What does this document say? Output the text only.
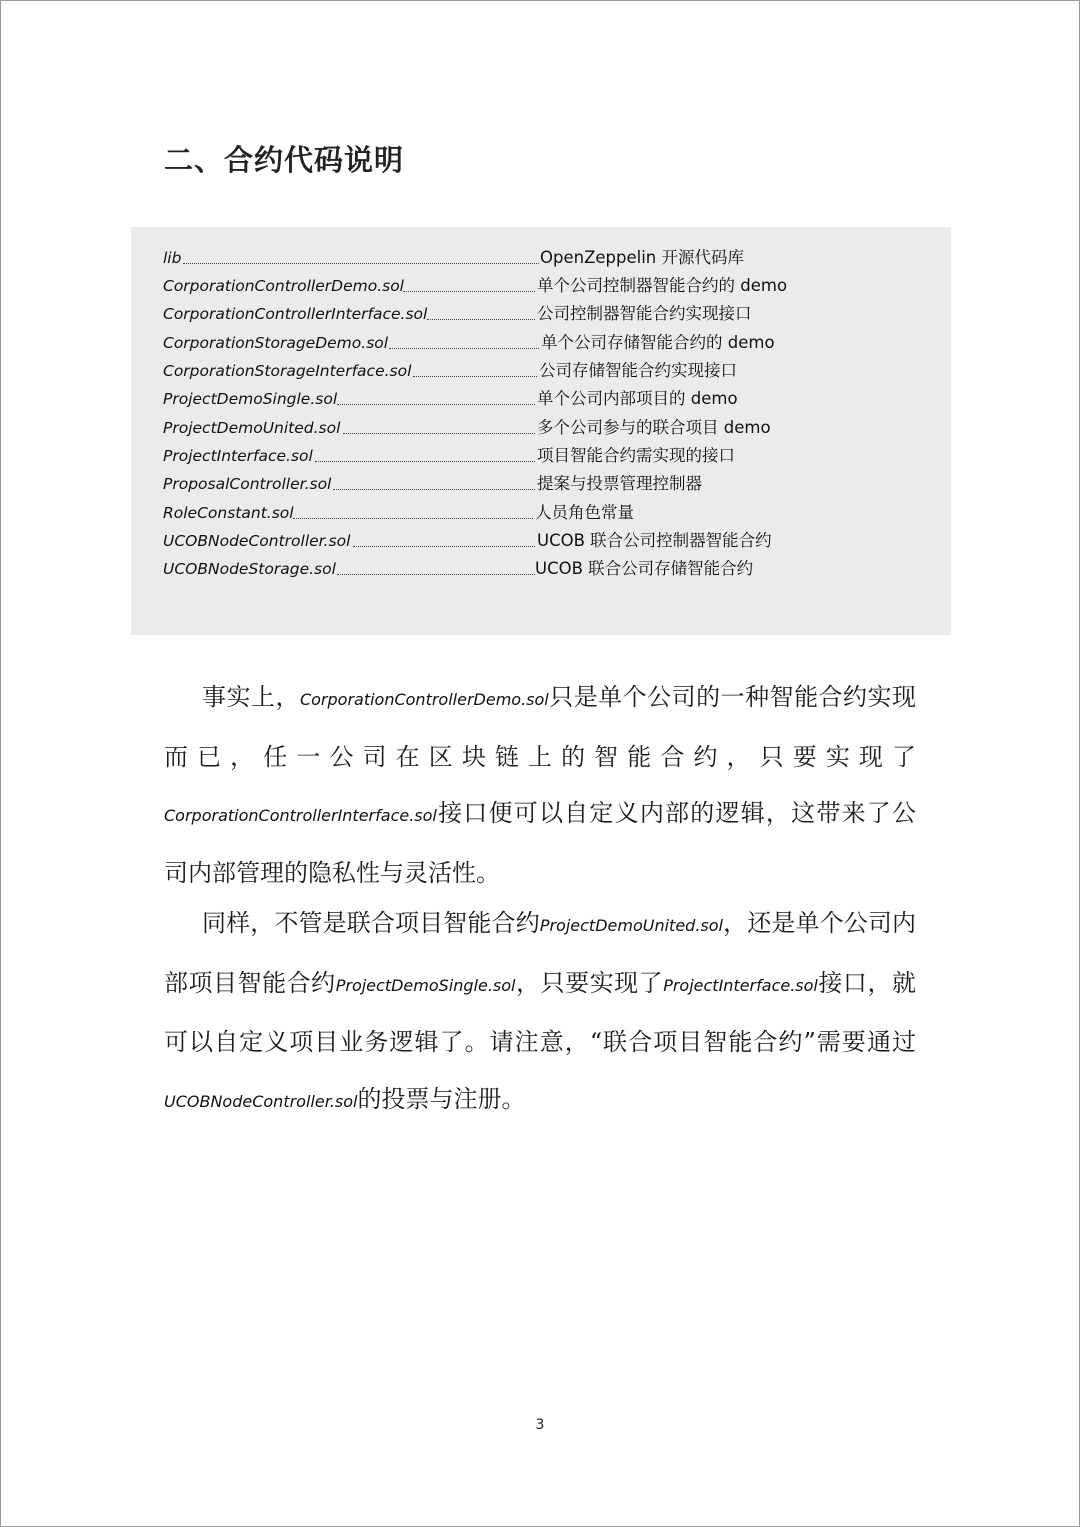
二、合约代码说明
lib	OpenZeppelin 开源代码库
CorporationControllerDemo.sol	单个公司控制器智能合约的 demo
CorporationControllerInterface.sol	公司控制器智能合约实现接口
CorporationStorageDemo.sol	单个公司存储智能合约的 demo
CorporationStorageInterface.sol	公司存储智能合约实现接口
ProjectDemoSingle.sol	单个公司内部项目的 demo
ProjectDemoUnited.sol	多个公司参与的联合项目 demo
ProjectInterface.sol	项目智能合约需实现的接口
ProposalController.sol	提案与投票管理控制器
RoleConstant.sol	人员角色常量
UCOBNodeController.sol	UCOB 联合公司控制器智能合约
UCOBNodeStorage.sol	UCOB 联合公司存储智能合约

事实上，CorporationControllerDemo.sol只是单个公司的一种智能合约实现而已，任一公司在区块链上的智能合约，只要实现了CorporationControllerInterface.sol接口便可以自定义内部的逻辑，这带来了公司内部管理的隐私性与灵活性。

同样，不管是联合项目智能合约ProjectDemoUnited.sol，还是单个公司内部项目智能合约ProjectDemoSingle.sol，只要实现了ProjectInterface.sol接口，就可以自定义项目业务逻辑了。请注意，“联合项目智能合约”需要通过UCOBNodeController.sol的投票与注册。

3
